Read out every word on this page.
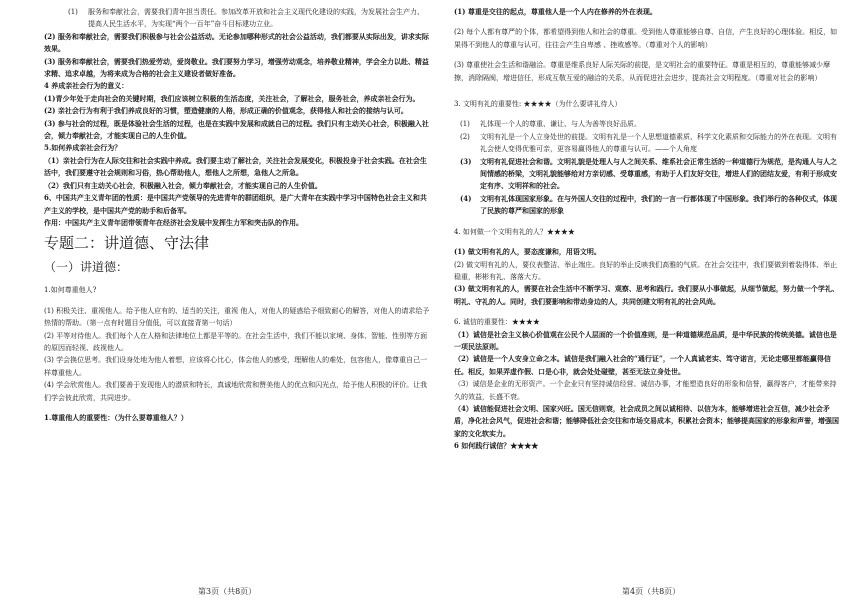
(1)	服务和奉献社会，需要我们青年担当责任。参加改革开放和社会主义现代化建设的实践，为发展社会生产力、提高人民生活水平，为实现“两个一百年”奋斗目标建功立业。

(2) 服务和奉献社会，需要我们积极参与社会公益活动。无论参加哪种形式的社会公益活动，我们都要从实际出发，讲求实际效果。

(3) 服务和奉献社会，需要我们热爱劳动，爱岗敬业。我们要努力学习，增强劳动观念，培养敬业精神，学会全力以赴、精益求精、追求卓越，为将来成为合格的社会主义建设者做好准备。

4 养成亲社会行为的意义：

(1)青少年处于走向社会的关键时期，我们应该树立积极的生活态度，关注社会，了解社会，服务社会，养成亲社会行为。

(2) 亲社会行为有利于我们养成良好的习惯，塑造健康的人格，形成正确的价值观念，获得他人和社会的接纳与认可。

(3) 参与社会的过程，既是体验社会生活的过程，也是在实践中发展和成就自己的过程。我们只有主动关心社会，积极融入社会，倾力奉献社会，才能实现自己的人生价值。

5.如何养成亲社会行为？

（1）亲社会行为在人际交往和社会实践中养成。我们要主动了解社会，关注社会发展变化，积极投身于社会实践。在社会生活中，我们要遵守社会规则和习俗，热心帮助他人，想他人之所想，急他人之所急。

（2）我们只有主动关心社会，积极融入社会，倾力奉献社会，才能实现自己的人生价值。

6、中国共产主义青年团的性质：是中国共产党领导的先进青年的群团组织，是广大青年在实践中学习中国特色社会主义和共产主义的学校，是中国共产党的助手和后备军。

作用：中国共产主义青年团带领青年在经济社会发展中发挥生力军和突击队的作用。

专题二：讲道德、守法律
（一）讲道德：

1.如何尊重他人?

(1) 积极关注、重视他人。给予他人应有的、适当的关注，重视 他人，对他人的疑惑给予细致耐心的解答，对他人的请求给予热情的帮助。（第一点有时题目分值低，可以直接背第一句话）

(2) 平等对待他人。我们每个人在人格和法律地位上都是平等的。在社会生活中，我们不能以家境、身体、智能、性别等方面的原因而轻视、歧视他人。

(3) 学会换位思考。我们设身处地为他人着想，应该将心比心，体会他人的感受，理解他人的难处，包容他人，像尊重自己一样尊重他人。

(4) 学会欣赏他人。我们要善于发现他人的潜质和特长，真诚地欣赏和赞美他人的优点和闪光点，给予他人积极的评价。让我们学会彼此欣赏，共同进步。

1.尊重他人的重要性：（为什么要尊重他人？）

(1) 尊重是交往的起点，尊重他人是一个人内在修养的外在表现。

(2) 每个人都有尊严的个体，都希望得到他人和社会的尊重。受到他人尊重能够自尊、自信，产生良好的心理体验。相反，如果得不到他人的尊重与认可，往往会产生自卑感 、挫败感等。（尊重对个人的影响）

(3) 尊重使社会生活和谐融洽。尊重是维系良好人际关际的前提，是文明社会的重要特征。尊重是相互的，尊重能够减少摩擦，消除隔阂，增进信任，形成互敬互爱的融洽的关系，从而促进社会进步，提高社会文明程度。（尊重对社会的影响）

3. 文明有礼的重要性: ★★★★（为什么要讲礼待人）

(1)	礼体现一个人的尊重、谦让、与人为善等良好品质。
(2)	文明有礼是一个人立身处世的前提。文明有礼是一个人思想道德素质、科学文化素质和交际能力的外在表现。文明有礼会使人变得优雅可亲，更容易赢得他人的尊重与认可。——个人角度
(3)	文明有礼促进社会和谐。文明礼貌是处理人与人之间关系、维系社会正常生活的一种道德行为规范，是沟通人与人之间情感的桥梁，文明礼貌能够给对方亲切感、受尊重感，有助于人们友好交往，增进人们的团结友爱，有利于形成安定有序、文明祥和的社会。
(4)	文明有礼体现国家形象。在与外国人交往的过程中，我们的一言一行都体现了中国形象。我们举行的各种仪式，体现了民族的尊严和国家的形象

4. 如何做一个文明有礼的人？★★★★

(1) 做文明有礼的人，要态度谦和，用语文明。

(2) 做文明有礼的人，要仪表整洁、举止端庄。良好的举止反映我们高雅的气质。在社会交往中，我们要做到着装得体、举止稳重，彬彬有礼、落落大方。

(3) 做文明有礼的人，需要在社会生活中不断学习、观察、思考和践行。我们要从小事做起，从细节做起，努力做一个学礼、明礼、守礼的人。同时，我们要影响和带动身边的人，共同创建文明有礼的社会风尚。

6. 诚信的重要性：★★★★

（1）诚信是社会主义核心价值观在公民个人层面的一个价值准则，是一种道德规范品质，是中华民族的传统美德。诚信也是一项民法原则。

（2）诚信是一个人安身立命之本。诚信是我们融入社会的“通行证”，一个人真诚老实、笃守诺言，无论走哪里都能赢得信任。相反，如果弄虚作假、口是心非，就会处处碰壁，甚至无法立身处世。

（3）诚信是企业的无形资产。一个企业只有坚持诚信经营、诚信办事，才能塑造良好的形象和信誉，赢得客户，才能带来持久的效益，长盛不衰。

（4）诚信能促进社会文明、国家兴旺。国无信则衰，社会成员之间以诚相待、以信为本，能够增进社会互信，减少社会矛盾，净化社会风气，促进社会和谐；能够降低社会交往和市场交易成本，积累社会资本；能够提高国家的形象和声誉，增强国家的文化软实力。

6 如何践行诚信？★★★★

第3页（共8页）	第4页（共8页）
